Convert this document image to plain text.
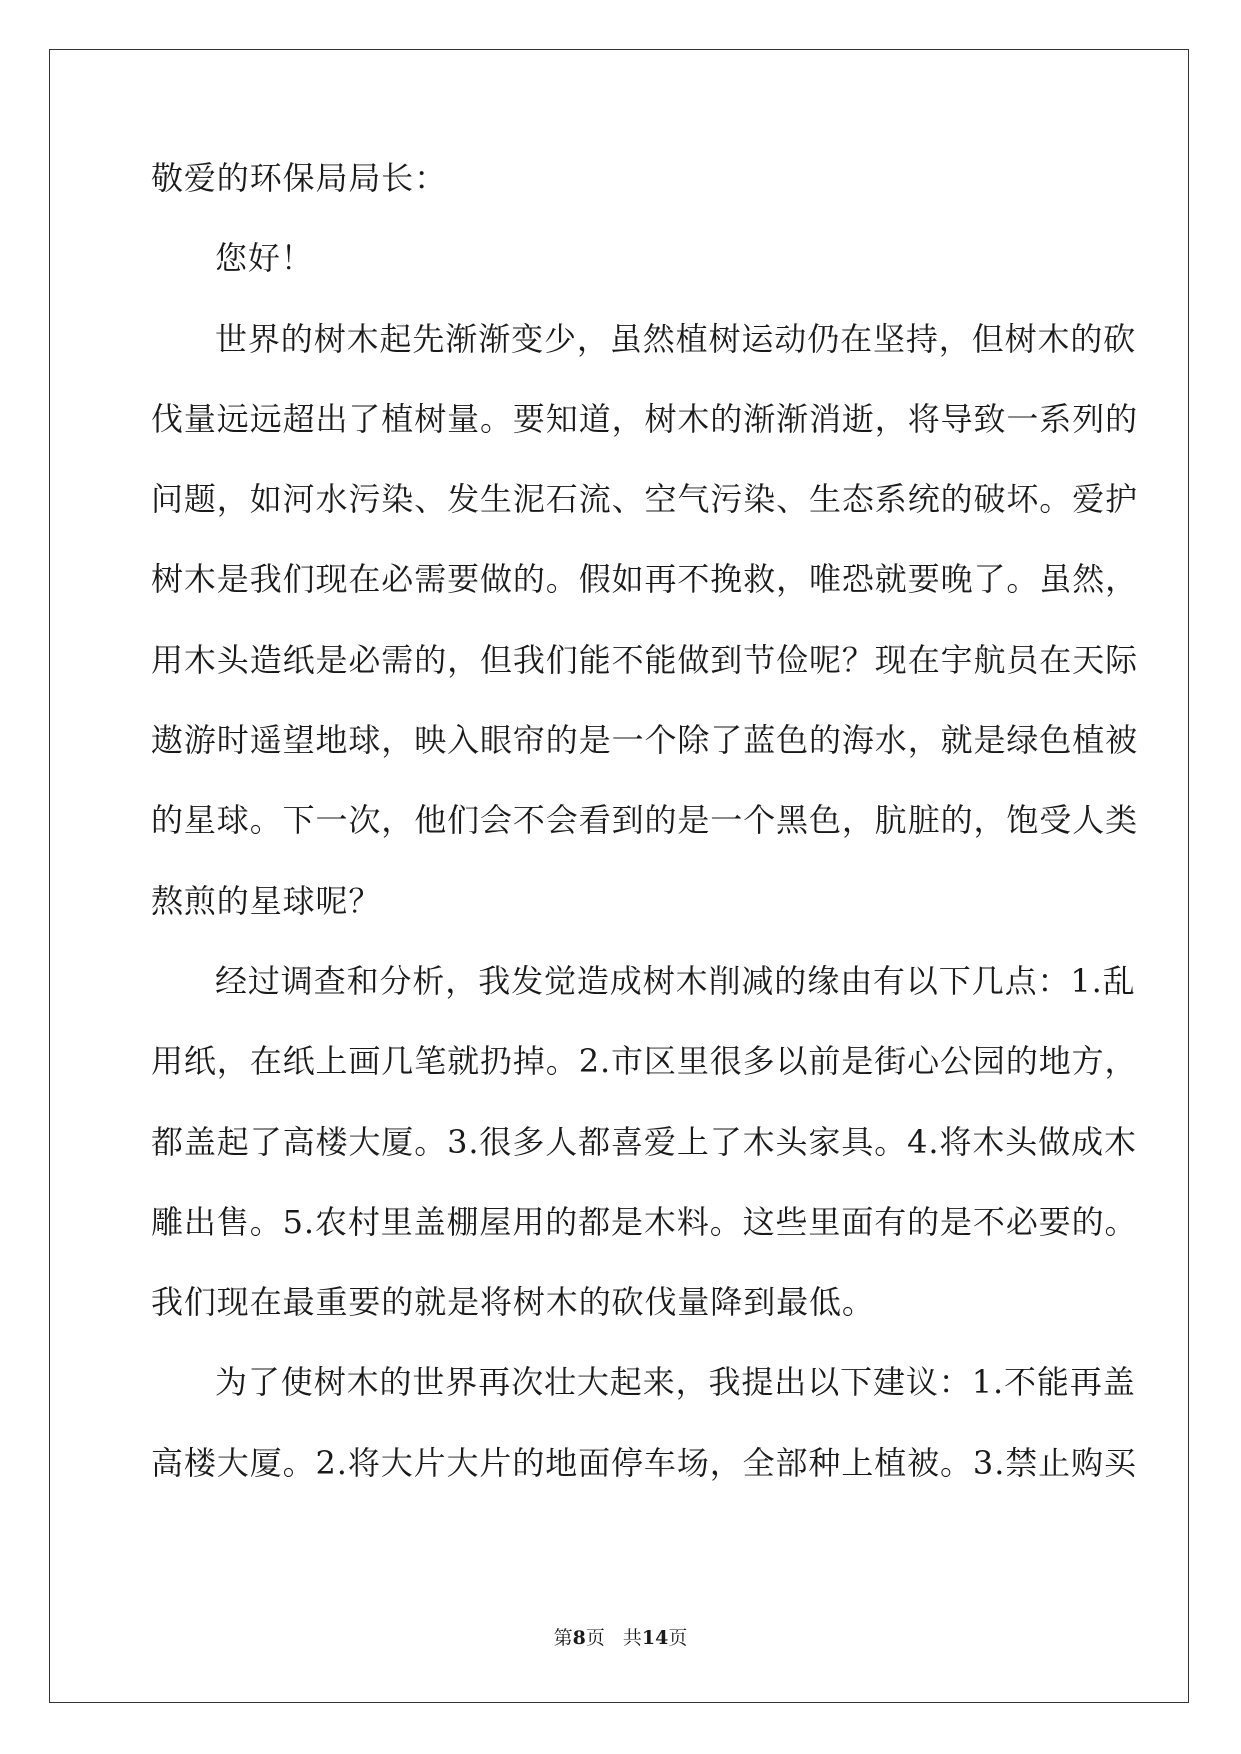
敬爱的环保局局长：
您好！
世界的树木起先渐渐变少，虽然植树运动仍在坚持，但树木的砍
伐量远远超出了植树量。要知道，树木的渐渐消逝，将导致一系列的
问题，如河水污染、发生泥石流、空气污染、生态系统的破坏。爱护
树木是我们现在必需要做的。假如再不挽救，唯恐就要晚了。虽然，
用木头造纸是必需的，但我们能不能做到节俭呢？现在宇航员在天际
遨游时遥望地球，映入眼帘的是一个除了蓝色的海水，就是绿色植被
的星球。下一次，他们会不会看到的是一个黑色，肮脏的，饱受人类
熬煎的星球呢？
经过调查和分析，我发觉造成树木削减的缘由有以下几点：1.乱
用纸，在纸上画几笔就扔掉。2.市区里很多以前是街心公园的地方，
都盖起了高楼大厦。3.很多人都喜爱上了木头家具。4.将木头做成木
雕出售。5.农村里盖棚屋用的都是木料。这些里面有的是不必要的。
我们现在最重要的就是将树木的砍伐量降到最低。
为了使树木的世界再次壮大起来，我提出以下建议：1.不能再盖
高楼大厦。2.将大片大片的地面停车场，全部种上植被。3.禁止购买
第8页 共14页
